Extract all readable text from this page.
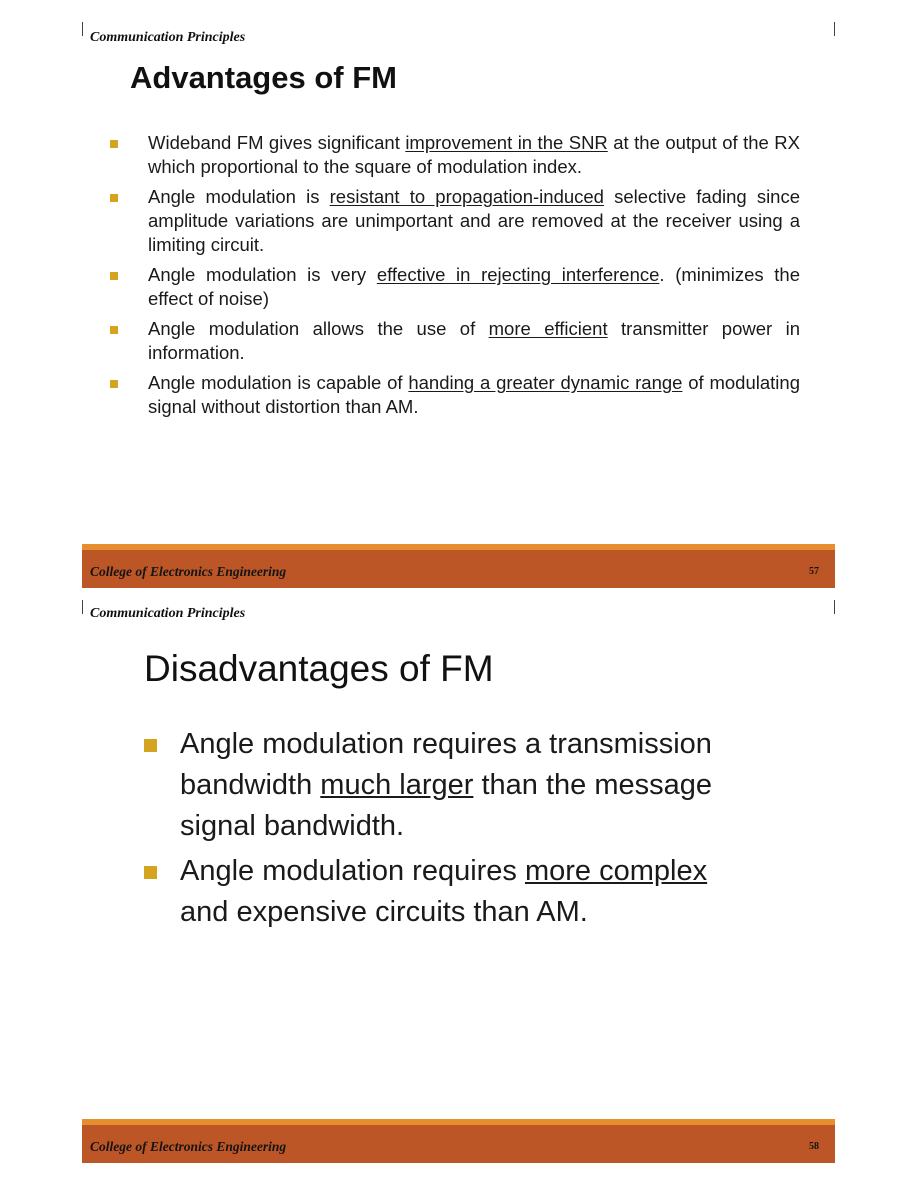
Communication Principles
Advantages of FM
Wideband FM gives significant improvement in the SNR at the output of the RX which proportional to the square of modulation index.
Angle modulation is resistant to propagation-induced selective fading since amplitude variations are unimportant and are removed at the receiver using a limiting circuit.
Angle modulation is very effective in rejecting interference. (minimizes the effect of noise)
Angle modulation allows the use of more efficient transmitter power in information.
Angle modulation is capable of handing a greater dynamic range of modulating signal without distortion than AM.
College of Electronics Engineering	57
Communication Principles
Disadvantages of FM
Angle modulation requires a transmission bandwidth much larger than the message signal bandwidth.
Angle modulation requires more complex and expensive circuits than AM.
College of Electronics Engineering	58
